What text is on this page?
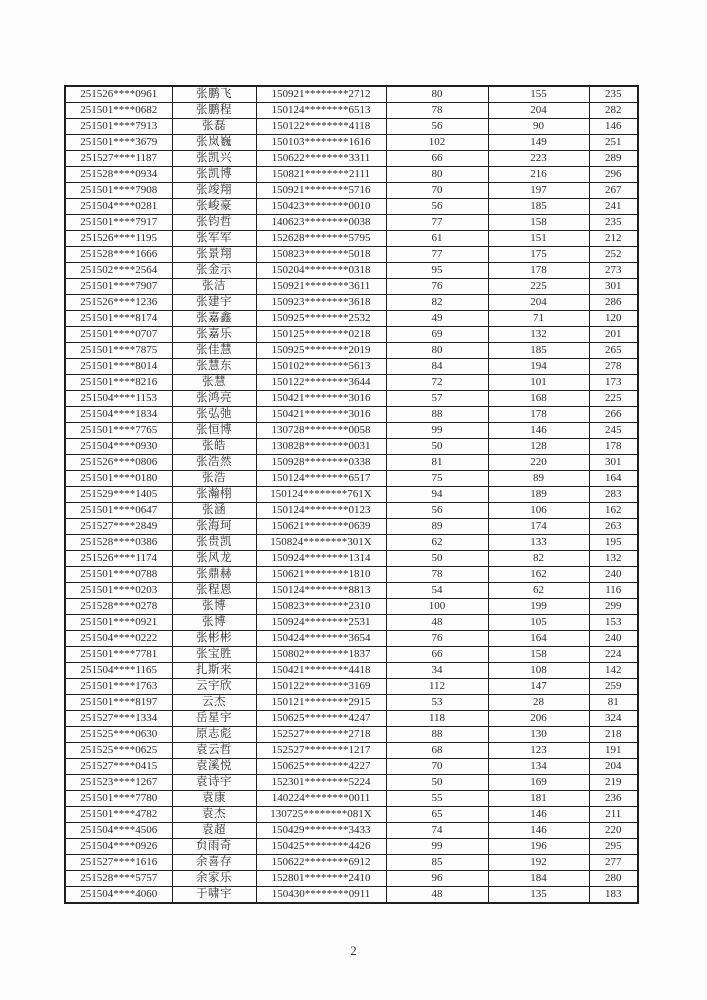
251526****0961	张鹏飞	150921********2712	80	155	235
251501****0682	张鹏程	150124********6513	78	204	282
251501****7913	张磊	150122********4118	56	90	146
251501****3679	张岚巍	150103********1616	102	149	251
251527****1187	张凯兴	150622********3311	66	223	289
251528****0934	张凯博	150821********2111	80	216	296
251501****7908	张竣翔	150921********5716	70	197	267
251504****0281	张峻豪	150423********0010	56	185	241
251501****7917	张钧哲	140623********0038	77	158	235
251526****1195	张军军	152628********5795	61	151	212
251528****1666	张景翔	150823********5018	77	175	252
251502****2564	张金示	150204********0318	95	178	273
251501****7907	张洁	150921********3611	76	225	301
251526****1236	张建宇	150923********3618	82	204	286
251501****8174	张嘉鑫	150925********2532	49	71	120
251501****0707	张嘉乐	150125********0218	69	132	201
251501****7875	张佳慧	150925********2019	80	185	265
251501****8014	张慧东	150102********5613	84	194	278
251501****8216	张慧	150122********3644	72	101	173
251504****1153	张鸿亮	150421********3016	57	168	225
251504****1834	张弘弛	150421********3016	88	178	266
251501****7765	张恒博	130728********0058	99	146	245
251504****0930	张皓	130828********0031	50	128	178
251526****0806	张浩然	150928********0338	81	220	301
251501****0180	张浩	150124********6517	75	89	164
251529****1405	张瀚栩	150124********761X	94	189	283
251501****0647	张涵	150124********0123	56	106	162
251527****2849	张海珂	150621********0639	89	174	263
251528****0386	张贵凯	150824********301X	62	133	195
251526****1174	张风龙	150924********1314	50	82	132
251501****0788	张鼎赫	150621********1810	78	162	240
251501****0203	张程恩	150124********8813	54	62	116
251528****0278	张博	150823********2310	100	199	299
251501****0921	张博	150924********2531	48	105	153
251504****0222	张彬彬	150424********3654	76	164	240
251501****7781	张宝胜	150802********1837	66	158	224
251504****1165	扎斯来	150421********4418	34	108	142
251501****1763	云宇欣	150122********3169	112	147	259
251501****8197	云杰	150121********2915	53	28	81
251527****1334	岳星宇	150625********4247	118	206	324
251525****0630	原志彪	152527********2718	88	130	218
251525****0625	袁云哲	152527********1217	68	123	191
251527****0415	袁溪悦	150625********4227	70	134	204
251523****1267	袁诗宇	152301********5224	50	169	219
251501****7780	袁康	140224********0011	55	181	236
251501****4782	袁杰	130725********081X	65	146	211
251504****4506	袁超	150429********3433	74	146	220
251504****0926	贠雨奇	150425********4426	99	196	295
251527****1616	余喜存	150622********6912	85	192	277
251528****5757	余家乐	152801********2410	96	184	280
251504****4060	于啸宇	150430********0911	48	135	183
2
